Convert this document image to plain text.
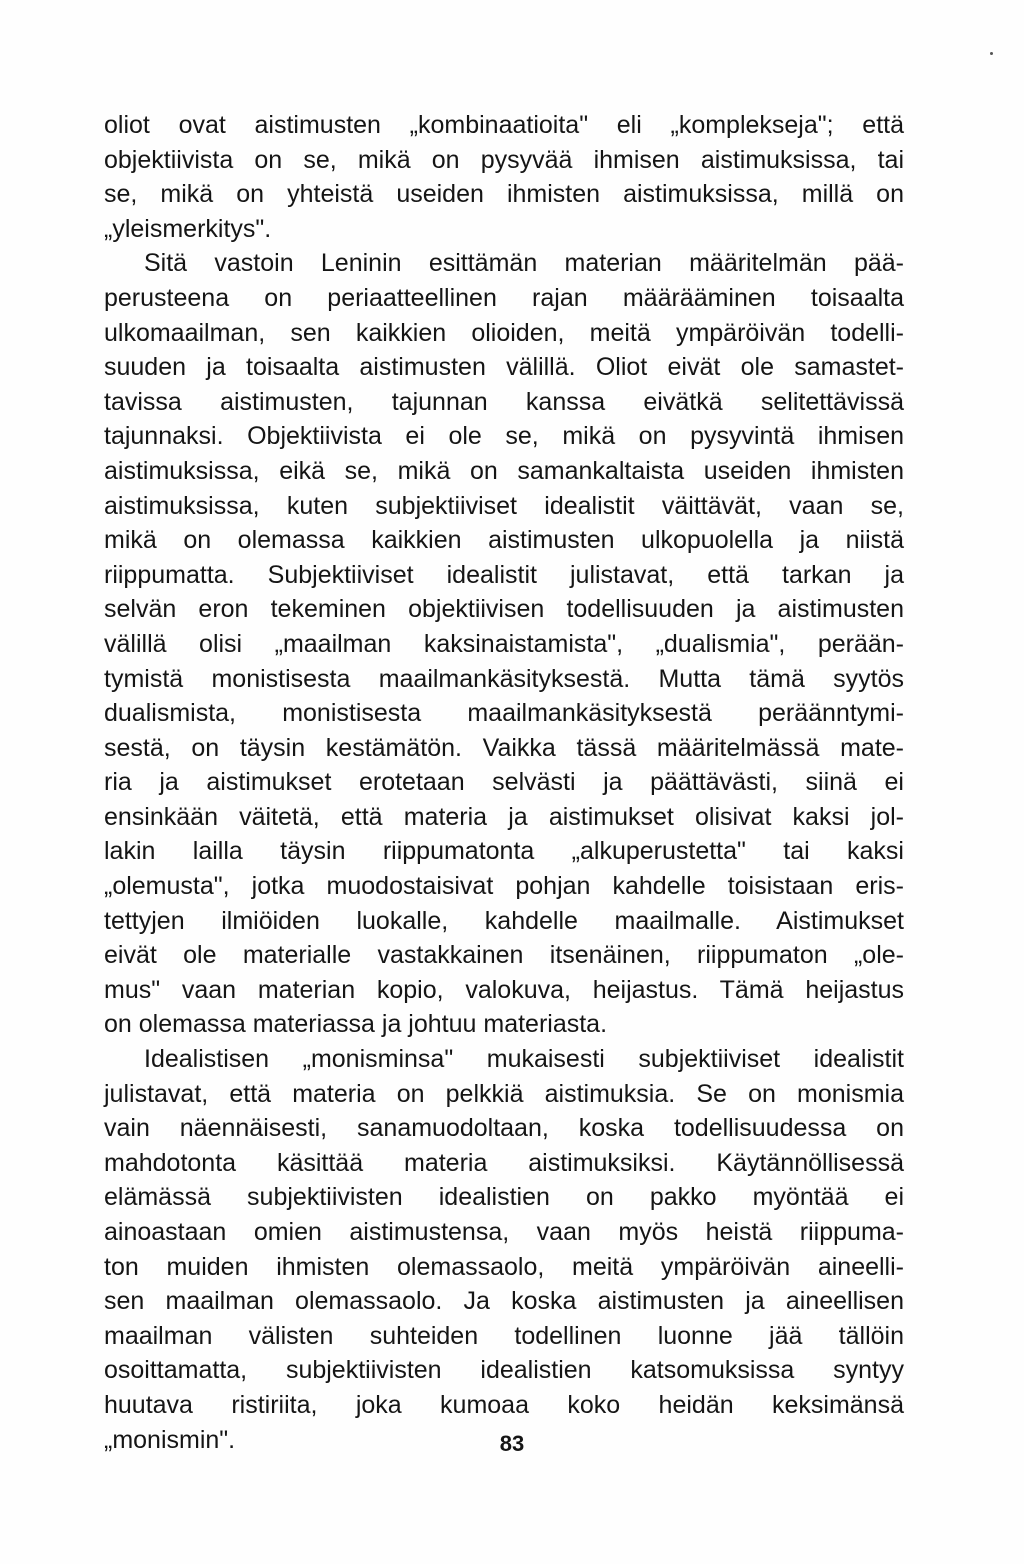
oliot ovat aistimusten „kombinaatioita" eli „komplekseja"; että
objektiivista on se, mikä on pysyvää ihmisen aistimuksissa, tai
se, mikä on yhteistä useiden ihmisten aistimuksissa, millä on
„yleismerkitys".

Sitä vastoin Leninin esittämän materian määritelmän pää-
perusteena on periaatteellinen rajan määrääminen toisaalta
ulkomaailman, sen kaikkien olioiden, meitä ympäröivän todelli-
suuden ja toisaalta aistimusten välillä. Oliot eivät ole samastet-
tavissa aistimusten, tajunnan kanssa eivätkä selitettävissä
tajunnaksi. Objektiivista ei ole se, mikä on pysyvintä ihmisen
aistimuksissa, eikä se, mikä on samankaltaista useiden ihmisten
aistimuksissa, kuten subjektiiviset idealistit väittävät, vaan se,
mikä on olemassa kaikkien aistimusten ulkopuolella ja niistä
riippumatta. Subjektiiviset idealistit julistavat, että tarkan ja
selvän eron tekeminen objektiivisen todellisuuden ja aistimusten
välillä olisi „maailman kaksinaistamista", „dualismia", perään-
tymistä monistisesta maailmankäsityksestä. Mutta tämä syytös
dualismista, monistisesta maailmankäsityksestä peräänntymi-
sestä, on täysin kestämätön. Vaikka tässä määritelmässä mate-
ria ja aistimukset erotetaan selvästi ja päättävästi, siinä ei
ensinkään väitetä, että materia ja aistimukset olisivat kaksi jol-
lakin lailla täysin riippumatonta „alkuperustetta" tai kaksi
„olemusta", jotka muodostaisivat pohjan kahdelle toisistaan eris-
tettyjen ilmiöiden luokalle, kahdelle maailmalle. Aistimukset
eivät ole materialle vastakkainen itsenäinen, riippumaton „ole-
mus" vaan materian kopio, valokuva, heijastus. Tämä heijastus
on olemassa materiassa ja johtuu materiasta.

Idealistisen „monisminsa" mukaisesti subjektiiviset idealistit
julistavat, että materia on pelkkiä aistimuksia. Se on monismia
vain näennäisesti, sanamuodoltaan, koska todellisuudessa on
mahdotonta käsittää materia aistimuksiksi. Käytännöllisessä
elämässä subjektiivisten idealistien on pakko myöntää ei
ainoastaan omien aistimustensa, vaan myös heistä riippuma-
ton muiden ihmisten olemassaolo, meitä ympäröivän aineelli-
sen maailman olemassaolo. Ja koska aistimusten ja aineellisen
maailman välisten suhteiden todellinen luonne jää tällöin
osoittamatta, subjektiivisten idealistien katsomuksissa syntyy
huutava ristiriita, joka kumoaa koko heidän keksimänsä
„monismin".	83
